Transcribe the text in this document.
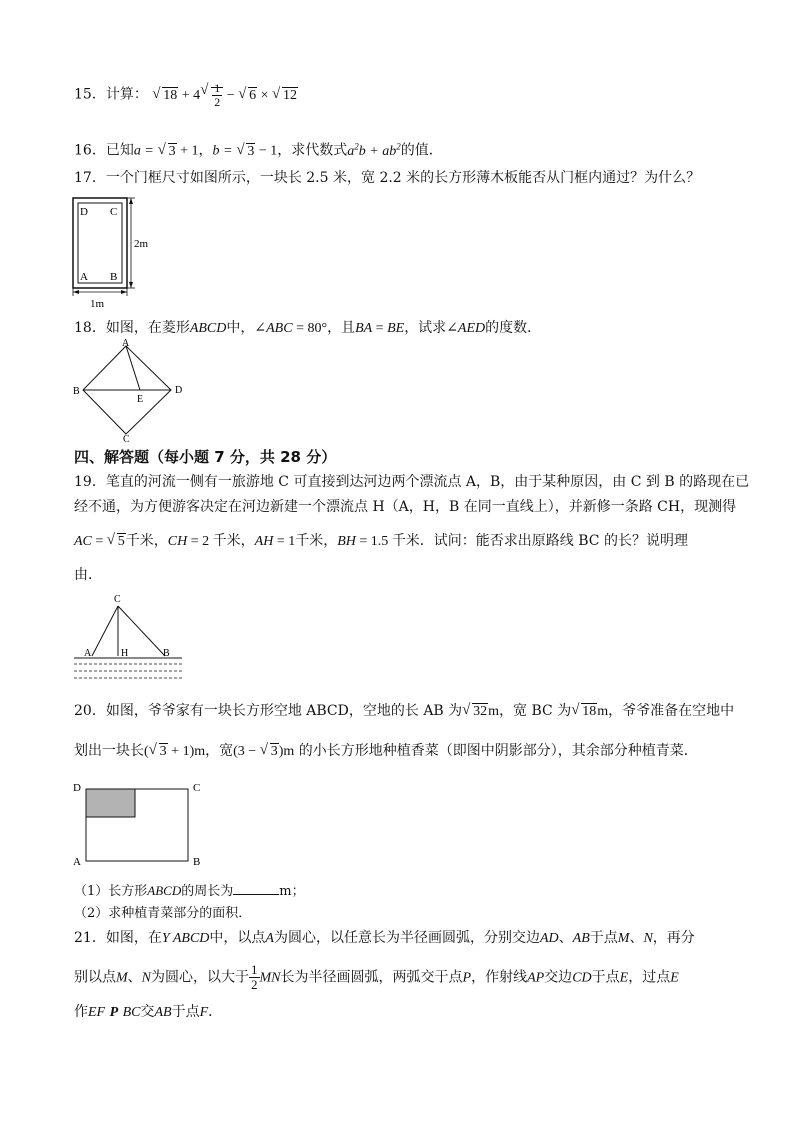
15．计算： √ 18 + 4 √ $\frac{1}{2}$ − √ 6 × √ 12
16．已知a = √ 3 + 1，b = √ 3 − 1，求代数式$a^2b + ab^2$的值．
17．一个门框尺寸如图所示，一块长 2.5 米，宽 2.2 米的长方形薄木板能否从门框内通过？为什么？
D C
A B
2m
1m
18．如图，在菱形ABCD中，∠ABC = 80°，且BA = BE，试求∠AED的度数．
A
B
C
D
E
四、解答题（每小题 7 分，共 28 分）
19．笔直的河流一侧有一旅游地 C 可直接到达河边两个漂流点 A，B，由于某种原因，由 C 到 B 的路现在已
经不通，为方便游客决定在河边新建一个漂流点 H（A，H，B 在同一直线上），并新修一条路 CH，现测得
AC = √ 5千米，CH = 2 千米，AH = 1千米，BH = 1.5 千米．试问：能否求出原路线 BC 的长？说明理
由．
C
A	H	B
20．如图，爷爷家有一块长方形空地 ABCD，空地的长 AB 为 √ 32m，宽 BC 为 √ 18m，爷爷准备在空地中
划出一块长( √ 3 + 1)m，宽(3 − √ 3)m 的小长方形地种植香菜（即图中阴影部分），其余部分种植青菜．
D	C
A	B
（1）长方形ABCD的周长为	m；
（2）求种植青菜部分的面积．
21．如图，在Y ABCD中，以点A为圆心，以任意长为半径画圆弧，分别交边AD、AB于点M、N，再分
别以点M、N为圆心，以大于 $\frac{1}{2}$ MN长为半径画圆弧，两弧交于点P，作射线AP交边CD于点E，过点E
作EF P BC交AB于点F．
